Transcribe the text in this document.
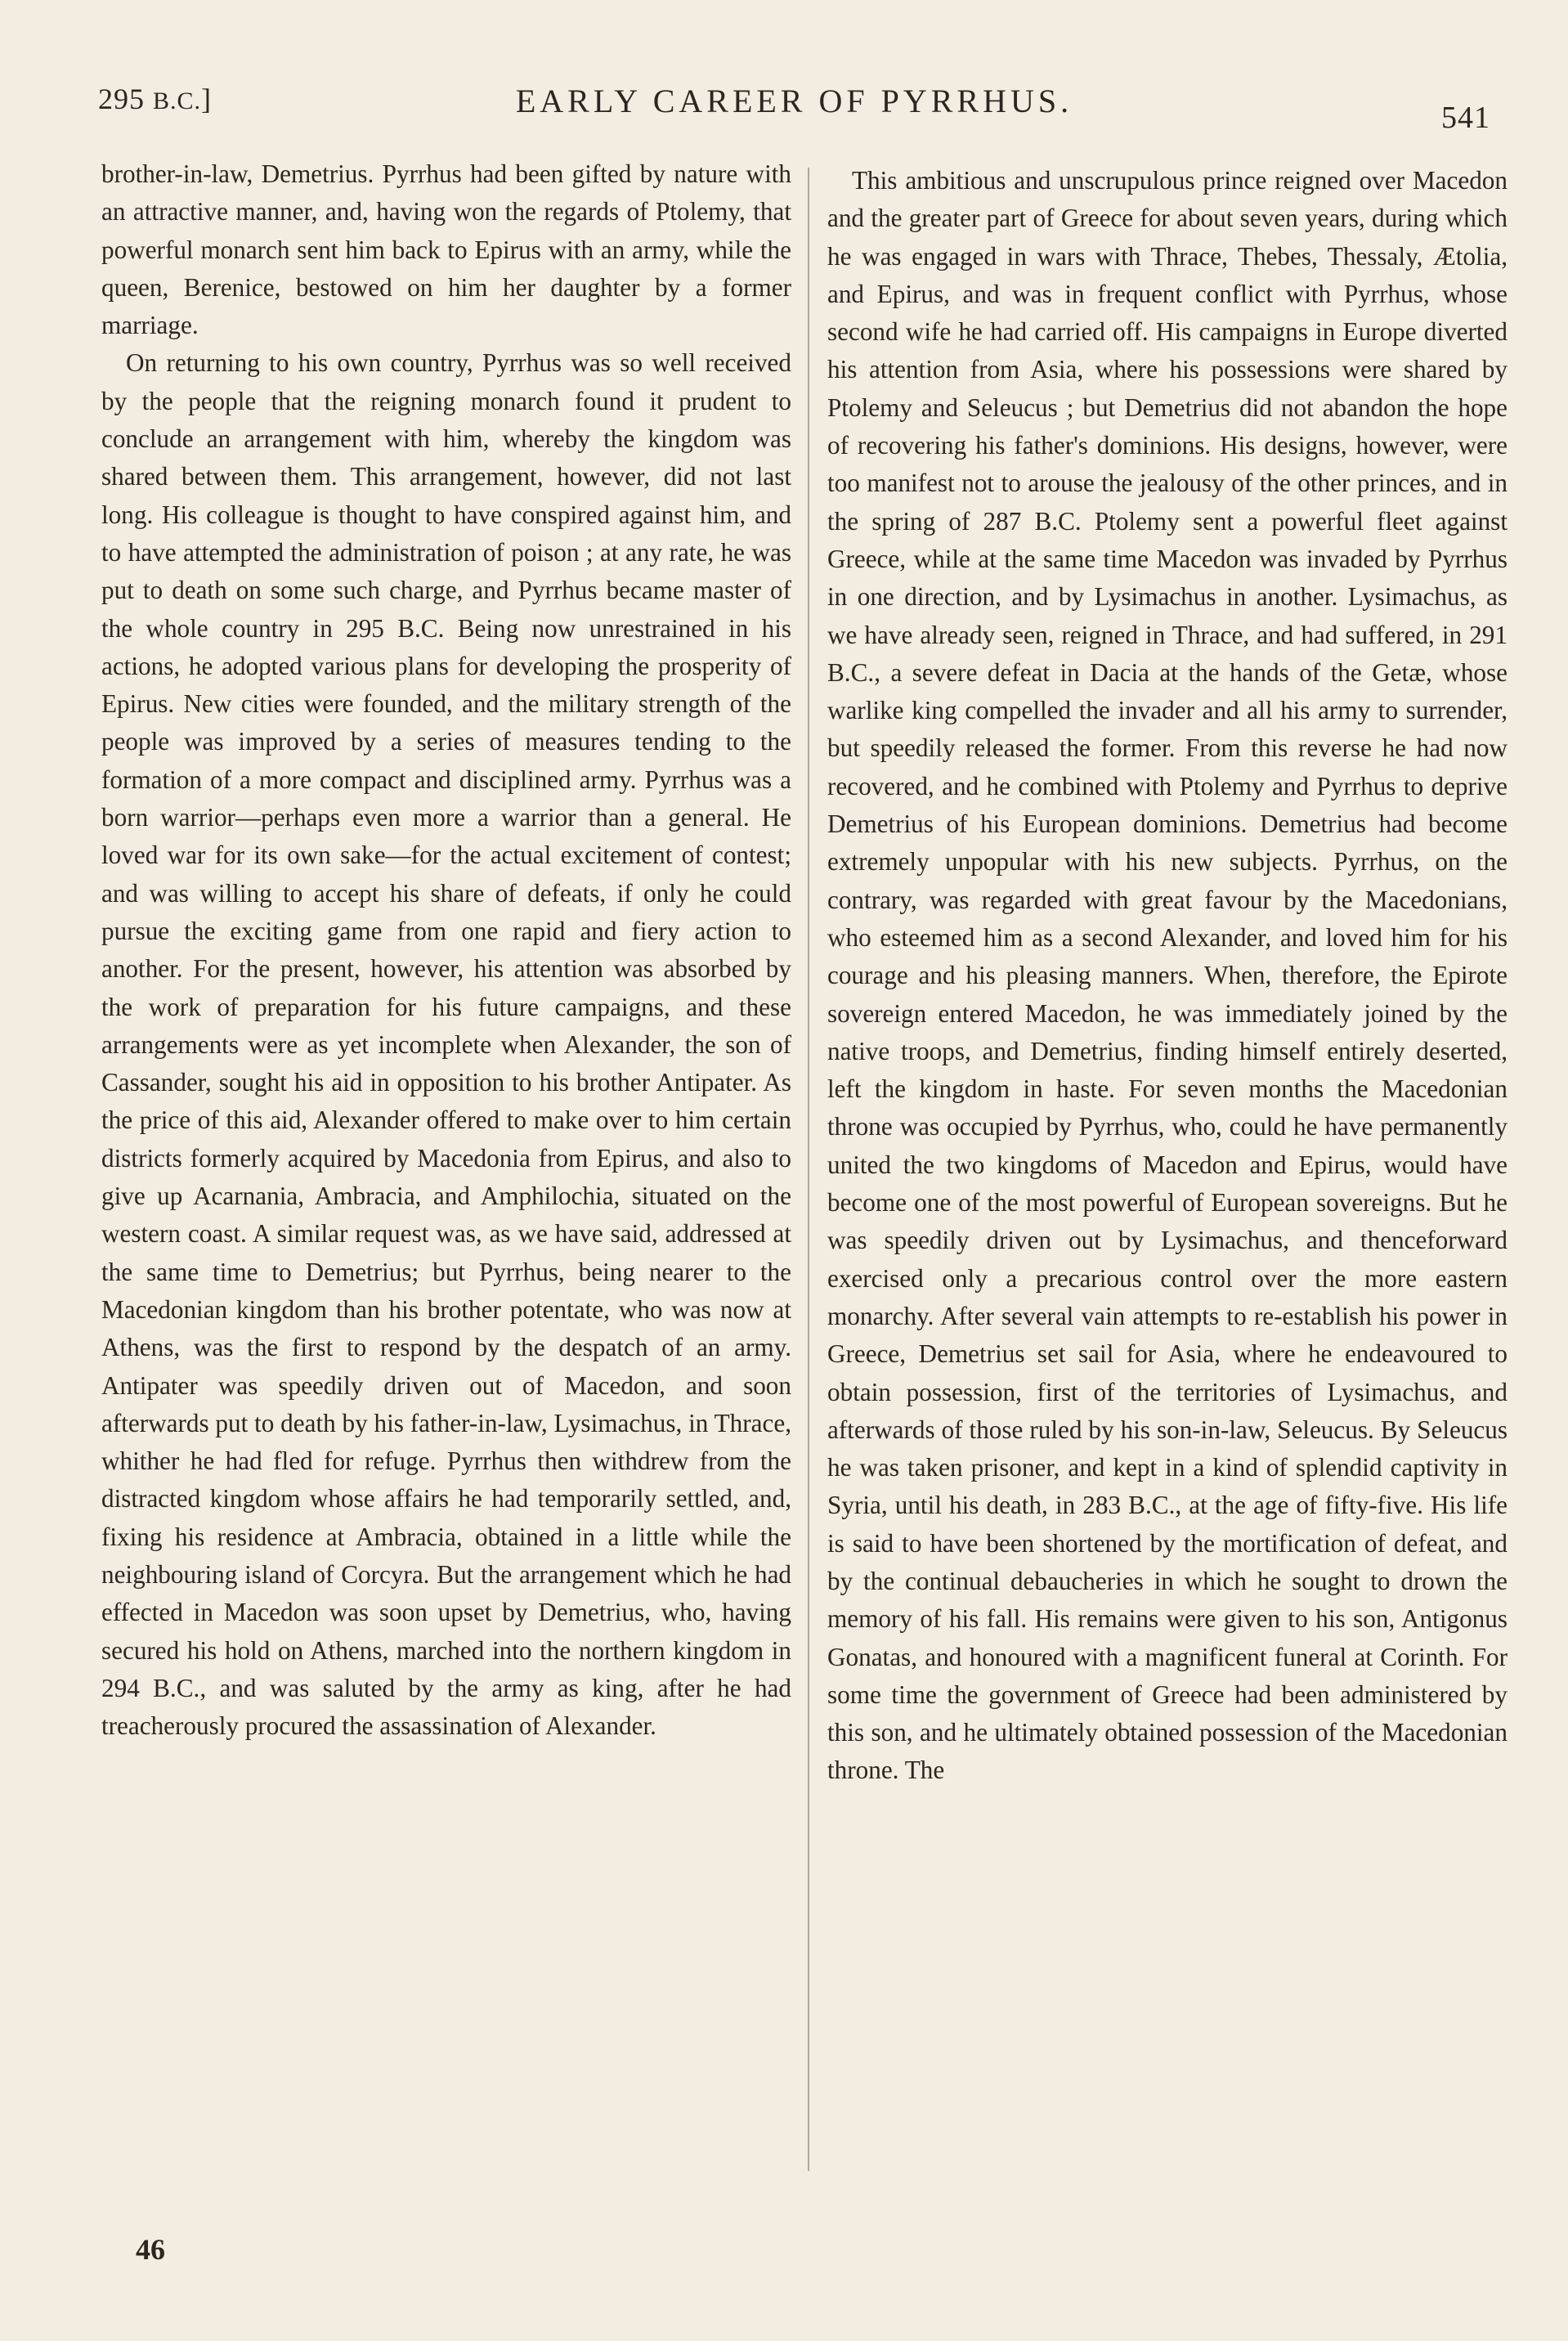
295 B.C.]	EARLY CAREER OF PYRRHUS.	541

brother-in-law, Demetrius. Pyrrhus had been gifted by nature with an attractive manner, and, having won the regards of Ptolemy, that powerful monarch sent him back to Epirus with an army, while the queen, Berenice, bestowed on him her daughter by a former marriage.

On returning to his own country, Pyrrhus was so well received by the people that the reigning monarch found it prudent to conclude an arrangement with him, whereby the kingdom was shared between them. This arrangement, however, did not last long. His colleague is thought to have conspired against him, and to have attempted the administration of poison ; at any rate, he was put to death on some such charge, and Pyrrhus became master of the whole country in 295 B.C. Being now unrestrained in his actions, he adopted various plans for developing the prosperity of Epirus. New cities were founded, and the military strength of the people was improved by a series of measures tending to the formation of a more compact and disciplined army. Pyrrhus was a born warrior—perhaps even more a warrior than a general. He loved war for its own sake—for the actual excitement of contest; and was willing to accept his share of defeats, if only he could pursue the exciting game from one rapid and fiery action to another. For the present, however, his attention was absorbed by the work of preparation for his future campaigns, and these arrangements were as yet incomplete when Alexander, the son of Cassander, sought his aid in opposition to his brother Antipater. As the price of this aid, Alexander offered to make over to him certain districts formerly acquired by Macedonia from Epirus, and also to give up Acarnania, Ambracia, and Amphilochia, situated on the western coast. A similar request was, as we have said, addressed at the same time to Demetrius; but Pyrrhus, being nearer to the Macedonian kingdom than his brother potentate, who was now at Athens, was the first to respond by the despatch of an army. Antipater was speedily driven out of Macedon, and soon afterwards put to death by his father-in-law, Lysimachus, in Thrace, whither he had fled for refuge. Pyrrhus then withdrew from the distracted kingdom whose affairs he had temporarily settled, and, fixing his residence at Ambracia, obtained in a little while the neighbouring island of Corcyra. But the arrangement which he had effected in Macedon was soon upset by Demetrius, who, having secured his hold on Athens, marched into the northern kingdom in 294 B.C., and was saluted by the army as king, after he had treacherously procured the assassination of Alexander.

This ambitious and unscrupulous prince reigned over Macedon and the greater part of Greece for about seven years, during which he was engaged in wars with Thrace, Thebes, Thessaly, Ætolia, and Epirus, and was in frequent conflict with Pyrrhus, whose second wife he had carried off. His campaigns in Europe diverted his attention from Asia, where his possessions were shared by Ptolemy and Seleucus ; but Demetrius did not abandon the hope of recovering his father's dominions. His designs, however, were too manifest not to arouse the jealousy of the other princes, and in the spring of 287 B.C. Ptolemy sent a powerful fleet against Greece, while at the same time Macedon was invaded by Pyrrhus in one direction, and by Lysimachus in another. Lysimachus, as we have already seen, reigned in Thrace, and had suffered, in 291 B.C., a severe defeat in Dacia at the hands of the Getæ, whose warlike king compelled the invader and all his army to surrender, but speedily released the former. From this reverse he had now recovered, and he combined with Ptolemy and Pyrrhus to deprive Demetrius of his European dominions. Demetrius had become extremely unpopular with his new subjects. Pyrrhus, on the contrary, was regarded with great favour by the Macedonians, who esteemed him as a second Alexander, and loved him for his courage and his pleasing manners. When, therefore, the Epirote sovereign entered Macedon, he was immediately joined by the native troops, and Demetrius, finding himself entirely deserted, left the kingdom in haste. For seven months the Macedonian throne was occupied by Pyrrhus, who, could he have permanently united the two kingdoms of Macedon and Epirus, would have become one of the most powerful of European sovereigns. But he was speedily driven out by Lysimachus, and thenceforward exercised only a precarious control over the more eastern monarchy. After several vain attempts to re-establish his power in Greece, Demetrius set sail for Asia, where he endeavoured to obtain possession, first of the territories of Lysimachus, and afterwards of those ruled by his son-in-law, Seleucus. By Seleucus he was taken prisoner, and kept in a kind of splendid captivity in Syria, until his death, in 283 B.C., at the age of fifty-five. His life is said to have been shortened by the mortification of defeat, and by the continual debaucheries in which he sought to drown the memory of his fall. His remains were given to his son, Antigonus Gonatas, and honoured with a magnificent funeral at Corinth. For some time the government of Greece had been administered by this son, and he ultimately obtained possession of the Macedonian throne. The

46
